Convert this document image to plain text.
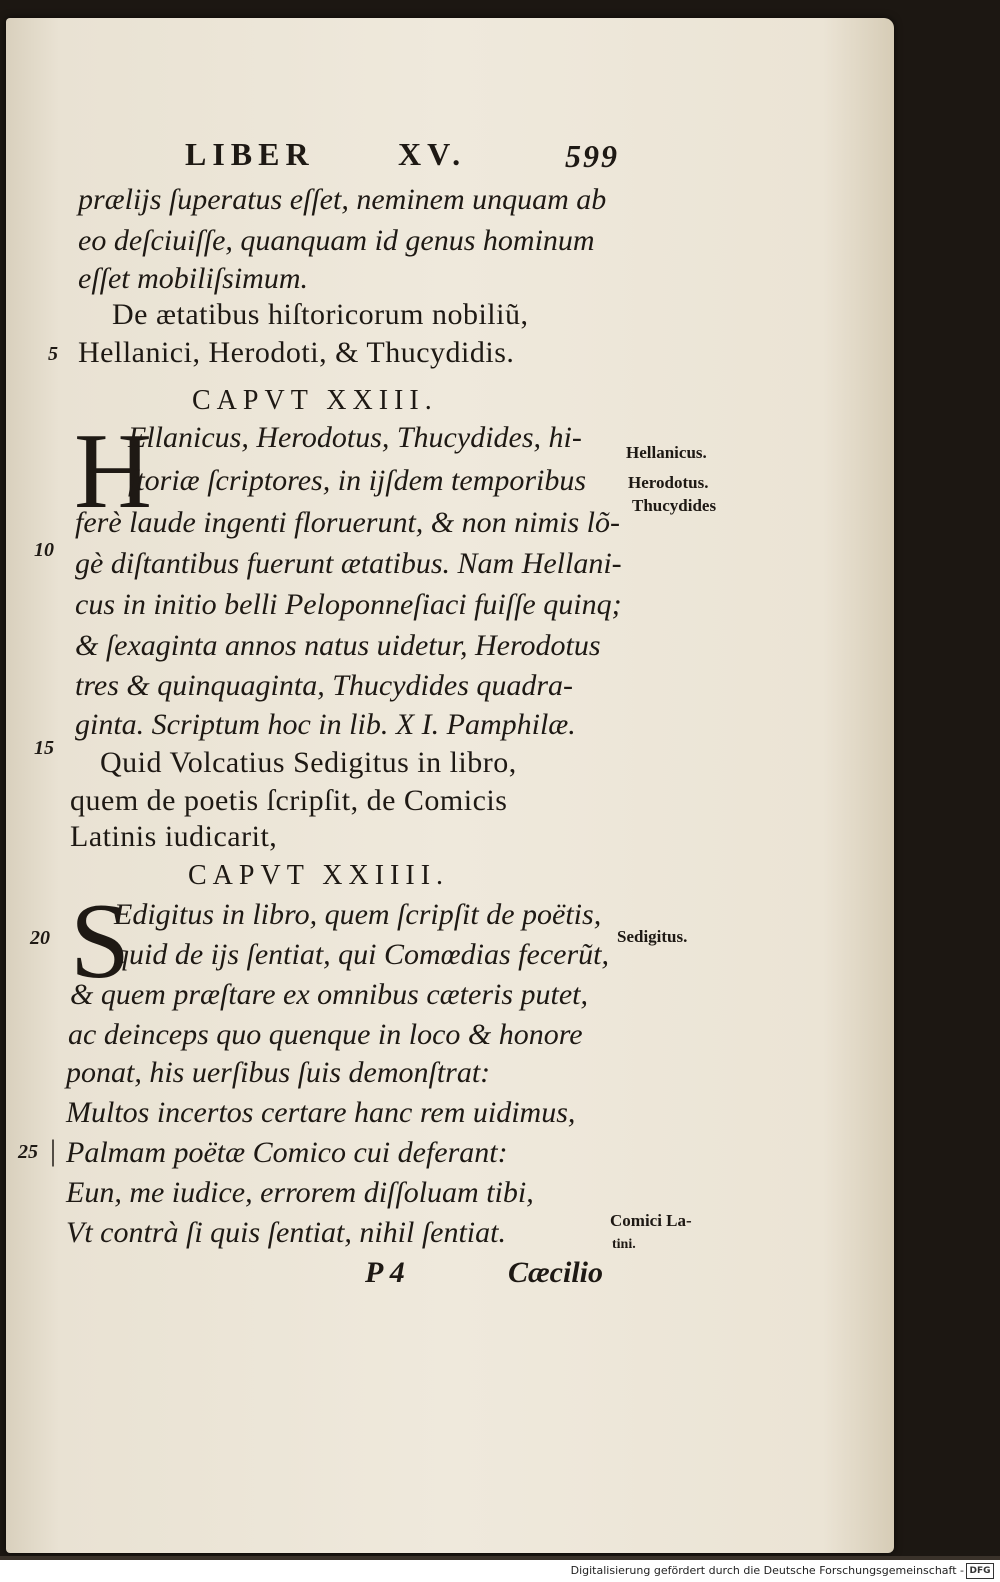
LIBER	XV.	599
prælijs ſuperatus eſſet, neminem unquam ab
eo deſciuiſſe, quanquam id genus hominum
eſſet mobiliſsimum.
De ætatibus hiſtoricorum nobiliũ,
5 Hellanici, Herodoti, & Thucydidis.
CAPVT XXIII.
H
Ellanicus, Herodotus, Thucydides, hi-
ſtoriæ ſcriptores, in ijſdem temporibus
ferè laude ingenti floruerunt, & non nimis lõ-
10 gè diſtantibus fuerunt ætatibus. Nam Hellani-
cus in initio belli Peloponneſiaci fuiſſe quinq;
& ſexaginta annos natus uidetur, Herodotus
tres & quinquaginta, Thucydides quadra-
ginta. Scriptum hoc in lib. X I. Pamphilæ.
15 Quid Volcatius Sedigitus in libro,
quem de poetis ſcripſit, de Comicis
Latinis iudicarit,
CAPVT XXIIII.
S
Edigitus in libro, quem ſcripſit de poëtis,
20 quid de ijs ſentiat, qui Comœdias fecerũt,
& quem præſtare ex omnibus cæteris putet,
ac deinceps quo quenque in loco & honore
ponat, his uerſibus ſuis demonſtrat:
Multos incertos certare hanc rem uidimus,
25 | Palmam poëtæ Comico cui deferant:
Eun, me iudice, errorem diſſoluam tibi,
Vt contrà ſi quis ſentiat, nihil ſentiat.
P 4	Cæcilio
Hellanicus.
Herodotus.
Thucydides
Sedigitus.
Comici La-
tini.
Digitalisierung gefördert durch die Deutsche Forschungsgemeinschaft - DFG
